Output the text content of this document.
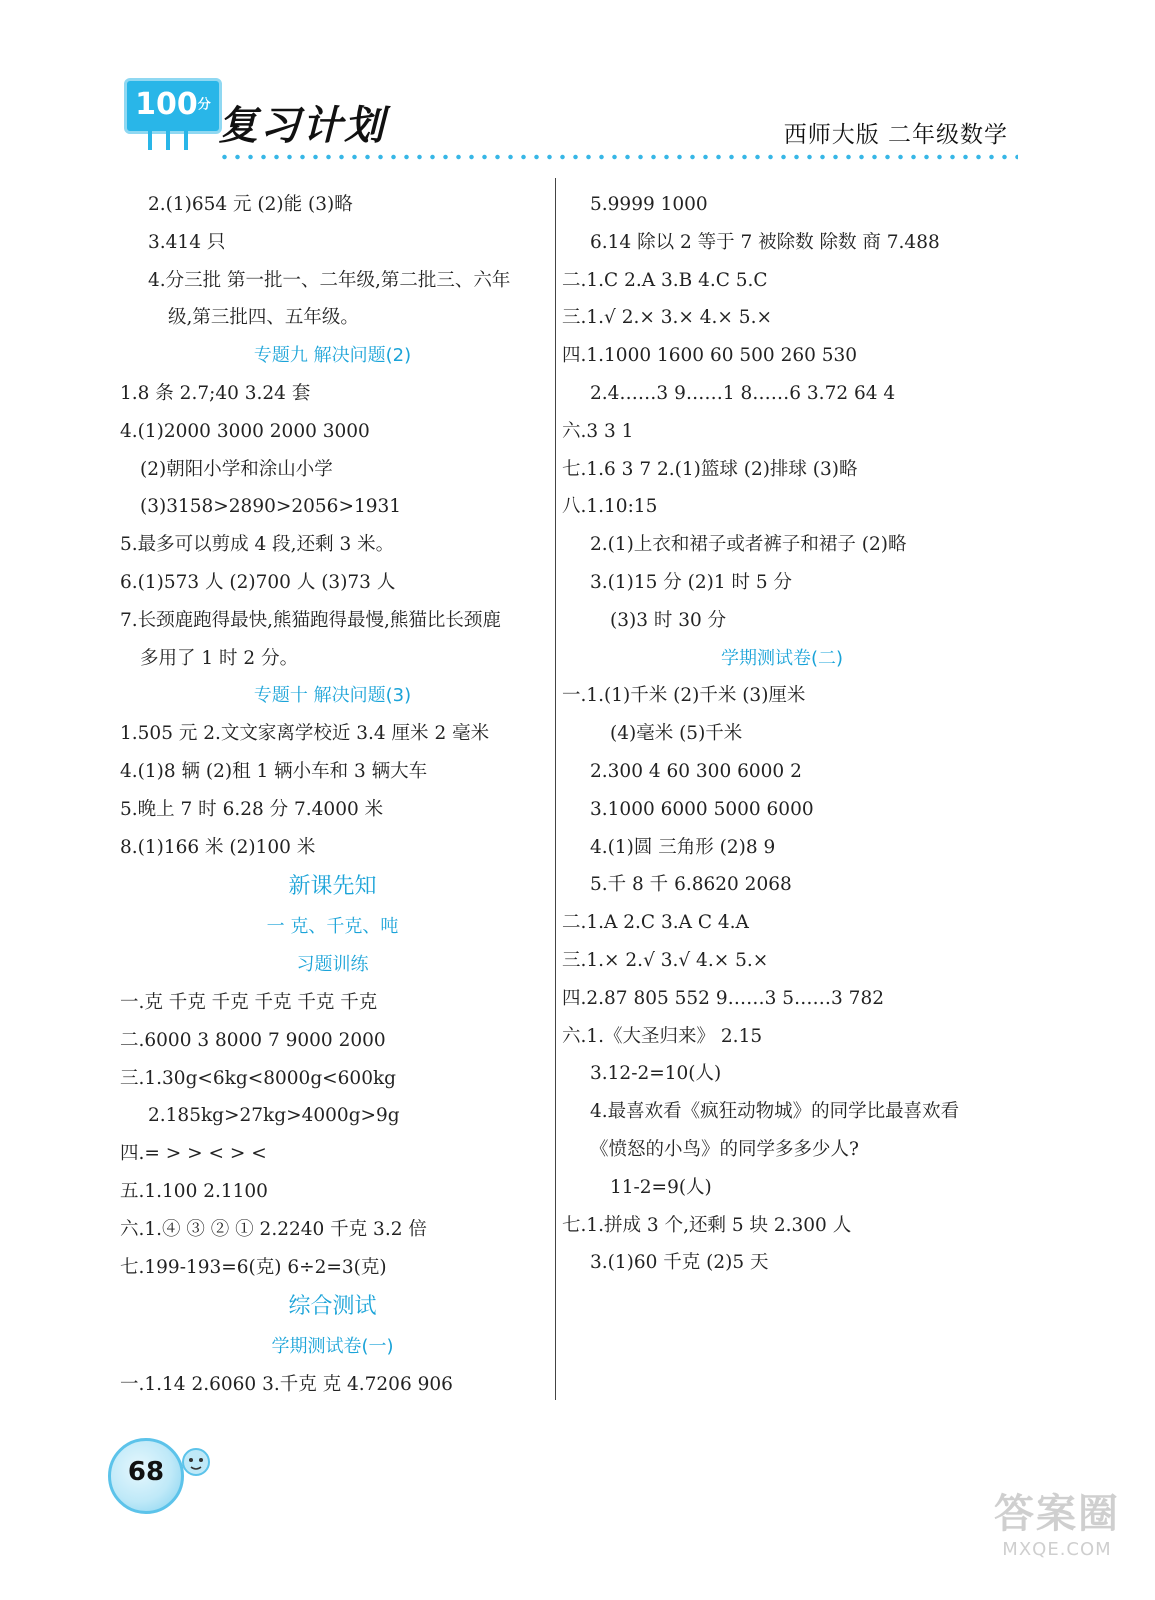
100分 复习计划	西师大版 二年级数学
2.(1)654 元 (2)能 (3)略
3.414 只
4.分三批 第一批一、二年级,第二批三、六年
级,第三批四、五年级。
专题九 解决问题(2)
1.8 条 2.7;40 3.24 套
4.(1)2000 3000 2000 3000
(2)朝阳小学和涂山小学
(3)3158>2890>2056>1931
5.最多可以剪成 4 段,还剩 3 米。
6.(1)573 人 (2)700 人 (3)73 人
7.长颈鹿跑得最快,熊猫跑得最慢,熊猫比长颈鹿
多用了 1 时 2 分。
专题十 解决问题(3)
1.505 元 2.文文家离学校近 3.4 厘米 2 毫米
4.(1)8 辆 (2)租 1 辆小车和 3 辆大车
5.晚上 7 时 6.28 分 7.4000 米
8.(1)166 米 (2)100 米
新课先知
一 克、千克、吨
习题训练
一.克 千克 千克 千克 千克 千克
二.6000 3 8000 7 9000 2000
三.1.30g<6kg<8000g<600kg
2.185kg>27kg>4000g>9g
四.= > > < > <
五.1.100 2.1100
六.1.④ ③ ② ① 2.2240 千克 3.2 倍
七.199-193=6(克) 6÷2=3(克)
综合测试
学期测试卷(一)
一.1.14 2.6060 3.千克 克 4.7206 906
5.9999 1000
6.14 除以 2 等于 7 被除数 除数 商 7.488
二.1.C 2.A 3.B 4.C 5.C
三.1.√ 2.× 3.× 4.× 5.×
四.1.1000 1600 60 500 260 530
2.4……3 9……1 8……6 3.72 64 4
六.3 3 1
七.1.6 3 7 2.(1)篮球 (2)排球 (3)略
八.1.10:15
2.(1)上衣和裙子或者裤子和裙子 (2)略
3.(1)15 分 (2)1 时 5 分
(3)3 时 30 分
学期测试卷(二)
一.1.(1)千米 (2)千米 (3)厘米
(4)毫米 (5)千米
2.300 4 60 300 6000 2
3.1000 6000 5000 6000
4.(1)圆 三角形 (2)8 9
5.千 8 千 6.8620 2068
二.1.A 2.C 3.A C 4.A
三.1.× 2.√ 3.√ 4.× 5.×
四.2.87 805 552 9……3 5……3 782
六.1.《大圣归来》 2.15
3.12-2=10(人)
4.最喜欢看《疯狂动物城》的同学比最喜欢看
《愤怒的小鸟》的同学多多少人?
11-2=9(人)
七.1.拼成 3 个,还剩 5 块 2.300 人
3.(1)60 千克 (2)5 天
68
答案圈
MXQE.COM
